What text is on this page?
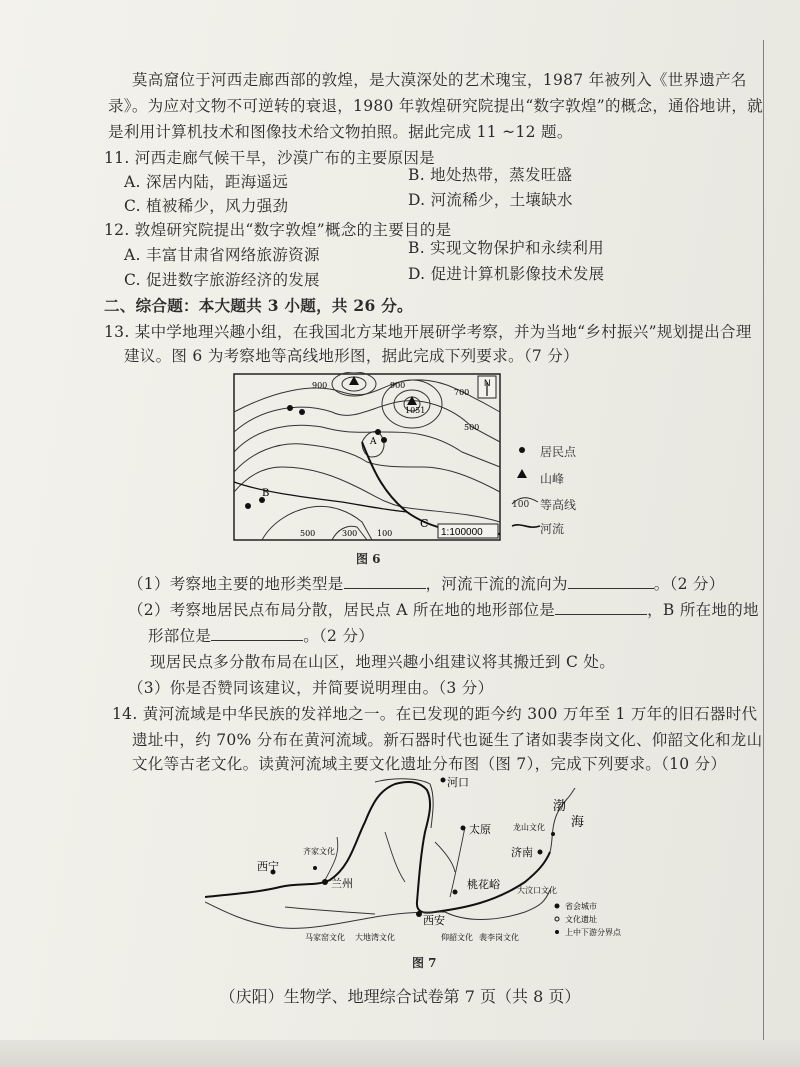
莫高窟位于河西走廊西部的敦煌，是大漠深处的艺术瑰宝，1987 年被列入《世界遗产名
录》。为应对文物不可逆转的衰退，1980 年敦煌研究院提出“数字敦煌”的概念，通俗地讲，就
是利用计算机技术和图像技术给文物拍照。据此完成 11 ~12 题。
11. 河西走廊气候干旱，沙漠广布的主要原因是
A. 深居内陆，距海遥远	B. 地处热带，蒸发旺盛
C. 植被稀少，风力强劲	D. 河流稀少，土壤缺水
12. 敦煌研究院提出“数字敦煌”概念的主要目的是
A. 丰富甘肃省网络旅游资源	B. 实现文物保护和永续利用
C. 促进数字旅游经济的发展	D. 促进计算机影像技术发展
二、综合题：本大题共 3 小题，共 26 分。
13. 某中学地理兴趣小组，在我国北方某地开展研学考察，并为当地“乡村振兴”规划提出合理
建议。图 6 为考察地等高线地形图，据此完成下列要求。（7 分）
N
1:100000
900	900
700
500
1051
A
B
C
500	300 100
居民点
山峰
100 等高线
河流
图 6
（1）考察地主要的地形类型是	，河流干流的流向为	。（2 分）
（2）考察地居民点布局分散，居民点 A 所在地的地形部位是	，B 所在地的地
形部位是	。（2 分）
现居民点多分散布局在山区，地理兴趣小组建议将其搬迁到 C 处。
（3）你是否赞同该建议，并简要说明理由。（3 分）
14. 黄河流域是中华民族的发祥地之一。在已发现的距今约 300 万年至 1 万年的旧石器时代
遗址中，约 70% 分布在黄河流域。新石器时代也诞生了诸如裴李岗文化、仰韶文化和龙山
文化等古老文化。读黄河流域主要文化遗址分布图（图 7），完成下列要求。（10 分）
河口
太原
渤
海
龙山文化
济南
齐家文化
西宁
兰州	桃花峪 大汶口文化
西安
马家窑文化 大地湾文化	仰韶文化 裴李岗文化
省会城市
文化遗址
上中下游分界点
图 7
（庆阳）生物学、地理综合试卷第 7 页（共 8 页）
